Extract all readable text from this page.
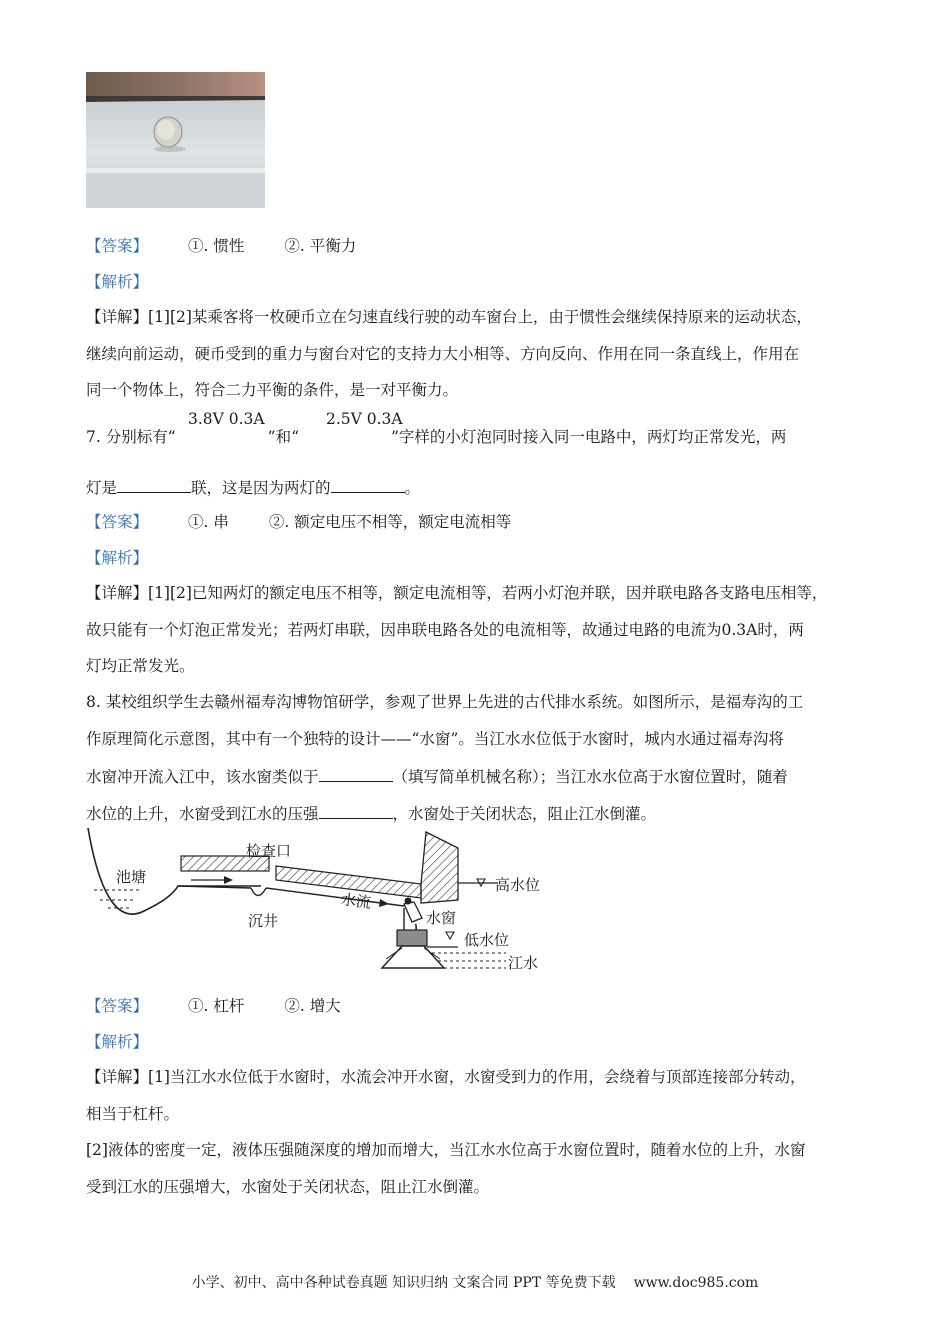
【答案】	①. 惯性	②. 平衡力
【解析】
【详解】[1][2]某乘客将一枚硬币立在匀速直线行驶的动车窗台上，由于惯性会继续保持原来的运动状态，
继续向前运动，硬币受到的重力与窗台对它的支持力大小相等、方向反向、作用在同一条直线上，作用在
同一个物体上，符合二力平衡的条件，是一对平衡力。
7. 分别标有“	”和“	”字样的小灯泡同时接入同一电路中，两灯均正常发光，两
3.8V 0.3A	2.5V 0.3A
灯是	联，这是因为两灯的	。
【答案】	①. 串	②. 额定电压不相等，额定电流相等
【解析】
【详解】[1][2]已知两灯的额定电压不相等，额定电流相等，若两小灯泡并联，因并联电路各支路电压相等，
故只能有一个灯泡正常发光；若两灯串联，因串联电路各处的电流相等，故通过电路的电流为0.3A时，两
灯均正常发光。
8. 某校组织学生去赣州福寿沟博物馆研学，参观了世界上先进的古代排水系统。如图所示，是福寿沟的工
作原理简化示意图，其中有一个独特的设计——“水窗”。当江水水位低于水窗时，城内水通过福寿沟将
水窗冲开流入江中，该水窗类似于	（填写简单机械名称）；当江水水位高于水窗位置时，随着
水位的上升，水窗受到江水的压强	，水窗处于关闭状态，阻止江水倒灌。
池塘
检查口
沉井
水流
水窗
高水位
低水位
江水
【答案】	①. 杠杆	②. 增大
【解析】
【详解】[1]当江水水位低于水窗时，水流会冲开水窗，水窗受到力的作用，会绕着与顶部连接部分转动，
相当于杠杆。
[2]液体的密度一定，液体压强随深度的增加而增大，当江水水位高于水窗位置时，随着水位的上升，水窗
受到江水的压强增大，水窗处于关闭状态，阻止江水倒灌。
小学、初中、高中各种试卷真题 知识归纳 文案合同 PPT 等免费下载 www.doc985.com
